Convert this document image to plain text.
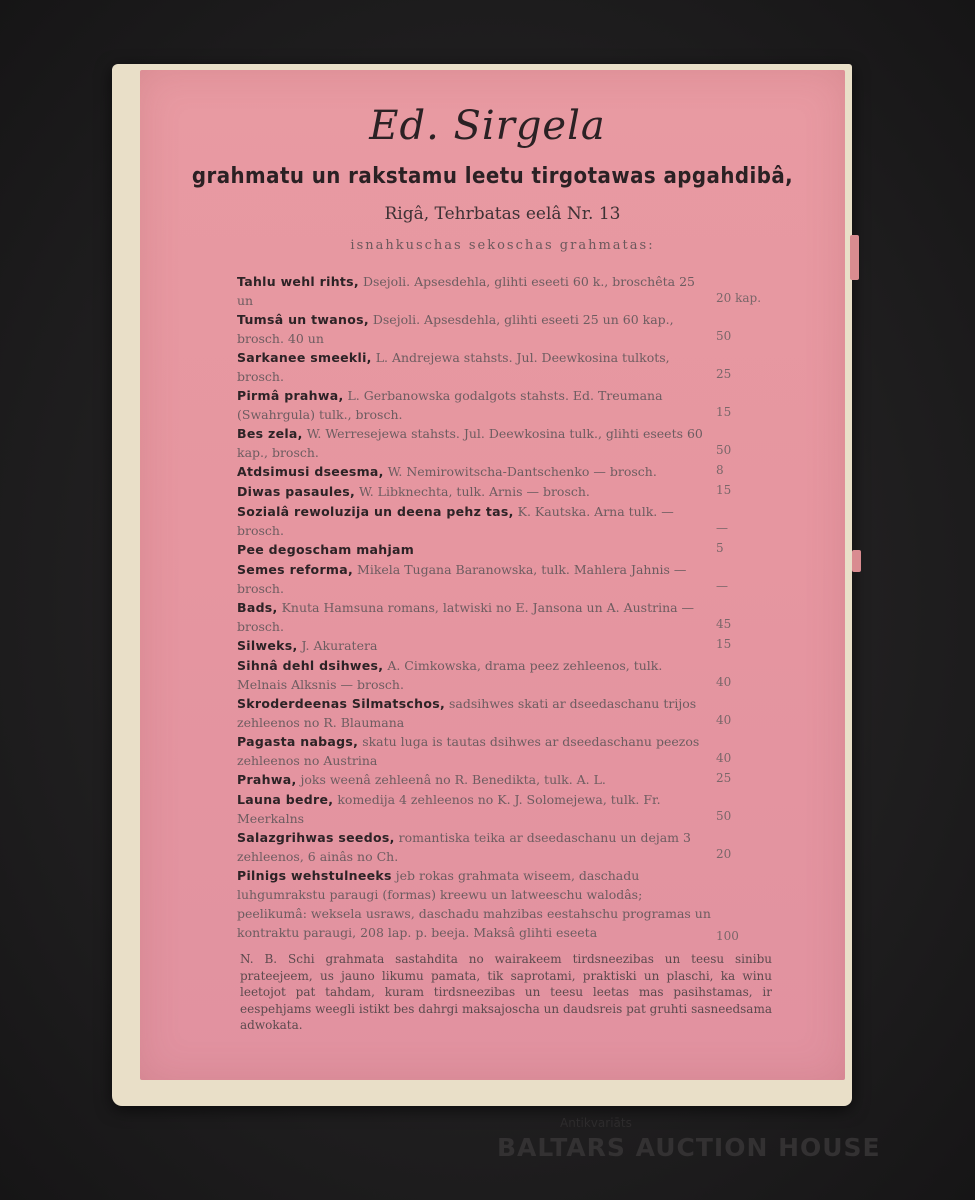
Ed. Sirgela
grahmatu un rakstamu leetu tirgotawas apgahdibâ,
Rigâ, Tehrbatas eelâ Nr. 13
isnahkuschas sekoschas grahmatas:
Tahlu wehl rihts, Dsejoli. Apsesdehla, glihti eseeti 60 k., broschêta 25 un	20 kap.
Tumsâ un twanos, Dsejoli. Apsesdehla, glihti eseeti 25 un 60 kap., brosch. 40 un	50
Sarkanee smeekli, L. Andrejewa stahsts. Jul. Deewkosina tulkots, brosch.	25
Pirmâ prahwa, L. Gerbanowska godalgots stahsts. Ed. Treumana (Swahrgula) tulk., brosch.	15
Bes zela, W. Werresejewa stahsts. Jul. Deewkosina tulk., glihti eseets 60 kap., brosch.	50
Atdsimusi dseesma, W. Nemirowitscha-Dantschenko — brosch.	8
Diwas pasaules, W. Libknechta, tulk. Arnis — brosch.	15
Sozialâ rewoluzija un deena pehz tas, K. Kautska. Arna tulk. — brosch.	—
Pee degoscham mahjam	5
Semes reforma, Mikela Tugana Baranowska, tulk. Mahlera Jahnis — brosch.	—
Bads, Knuta Hamsuna romans, latwiski no E. Jansona un A. Austrina — brosch.	45
Silweks, J. Akuratera	15
Sihnâ dehl dsihwes, A. Cimkowska, drama peez zehleenos, tulk. Melnais Alksnis — brosch.	40
Skroderdeenas Silmatschos, sadsihwes skati ar dseedaschanu trijos zehleenos no R. Blaumana	40
Pagasta nabags, skatu luga is tautas dsihwes ar dseedaschanu peezos zehleenos no Austrina	40
Prahwa, joks weenâ zehleenâ no R. Benedikta, tulk. A. L.	25
Launa bedre, komedija 4 zehleenos no K. J. Solomejewa, tulk. Fr. Meerkalns	50
Salazgrihwas seedos, romantiska teika ar dseedaschanu un dejam 3 zehleenos, 6 ainâs no Ch.	20
Pilnigs wehstulneeks jeb rokas grahmata wiseem, daschadu luhgumrakstu paraugi (formas) kreewu un latweeschu walodâs; peelikumâ: weksela usraws, daschadu mahzibas eestahschu programas un kontraktu paraugi, 208 lap. p. beeja. Maksâ glihti eseeta	100
N. B. Schi grahmata sastahdita no wairakeem tirdsneezibas un teesu sinibu prateejeem, us jauno likumu pamata, tik saprotami, praktiski un plaschi, ka winu leetojot pat tahdam, kuram tirdsneezibas un teesu leetas mas pasihstamas, ir eespehjams weegli istikt bes dahrgi maksajoscha un daudsreis pat gruhti sasneedsama adwokata.
Antikvariāts
BALTARS AUCTION HOUSE
